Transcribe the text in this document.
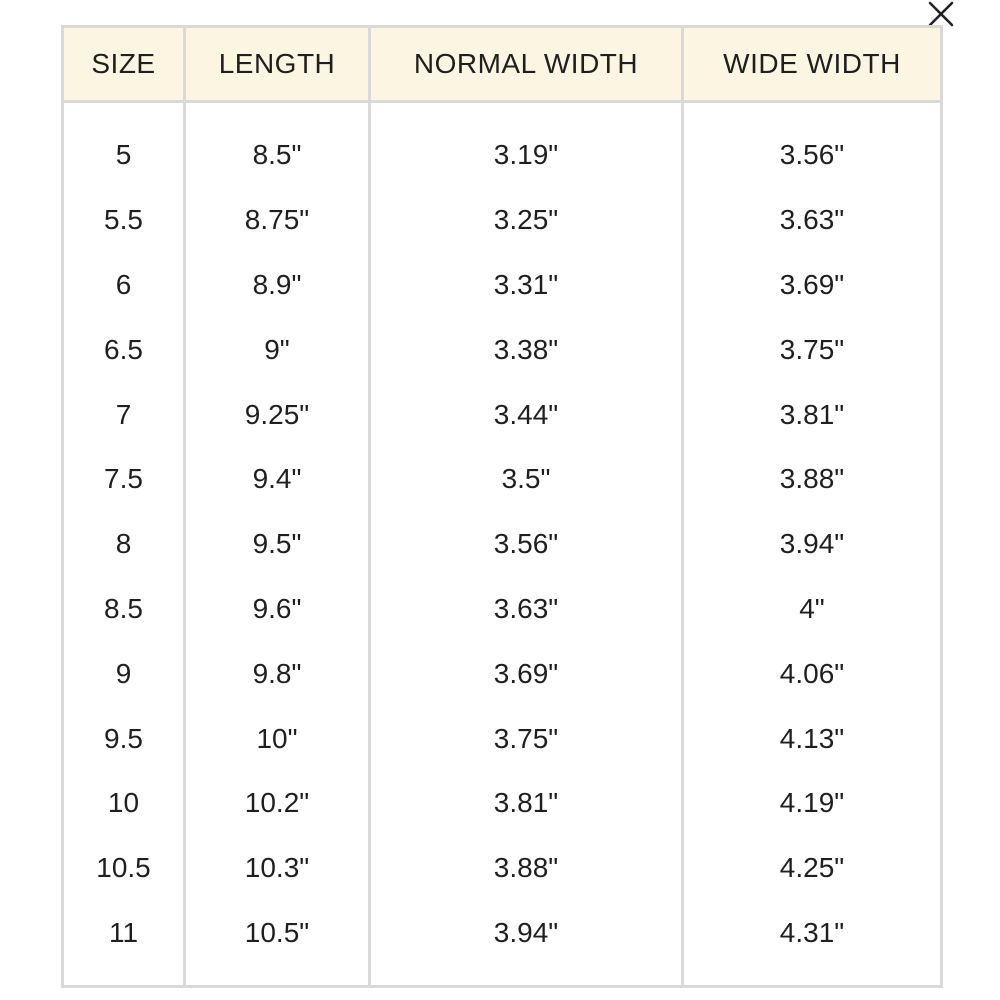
SIZE	LENGTH	NORMAL WIDTH	WIDE WIDTH

5	8.5"	3.19"	3.56"
5.5	8.75"	3.25"	3.63"
6	8.9"	3.31"	3.69"
6.5	9"	3.38"	3.75"
7	9.25"	3.44"	3.81"
7.5	9.4"	3.5"	3.88"
8	9.5"	3.56"	3.94"
8.5	9.6"	3.63"	4"
9	9.8"	3.69"	4.06"
9.5	10"	3.75"	4.13"
10	10.2"	3.81"	4.19"
10.5	10.3"	3.88"	4.25"
11	10.5"	3.94"	4.31"
